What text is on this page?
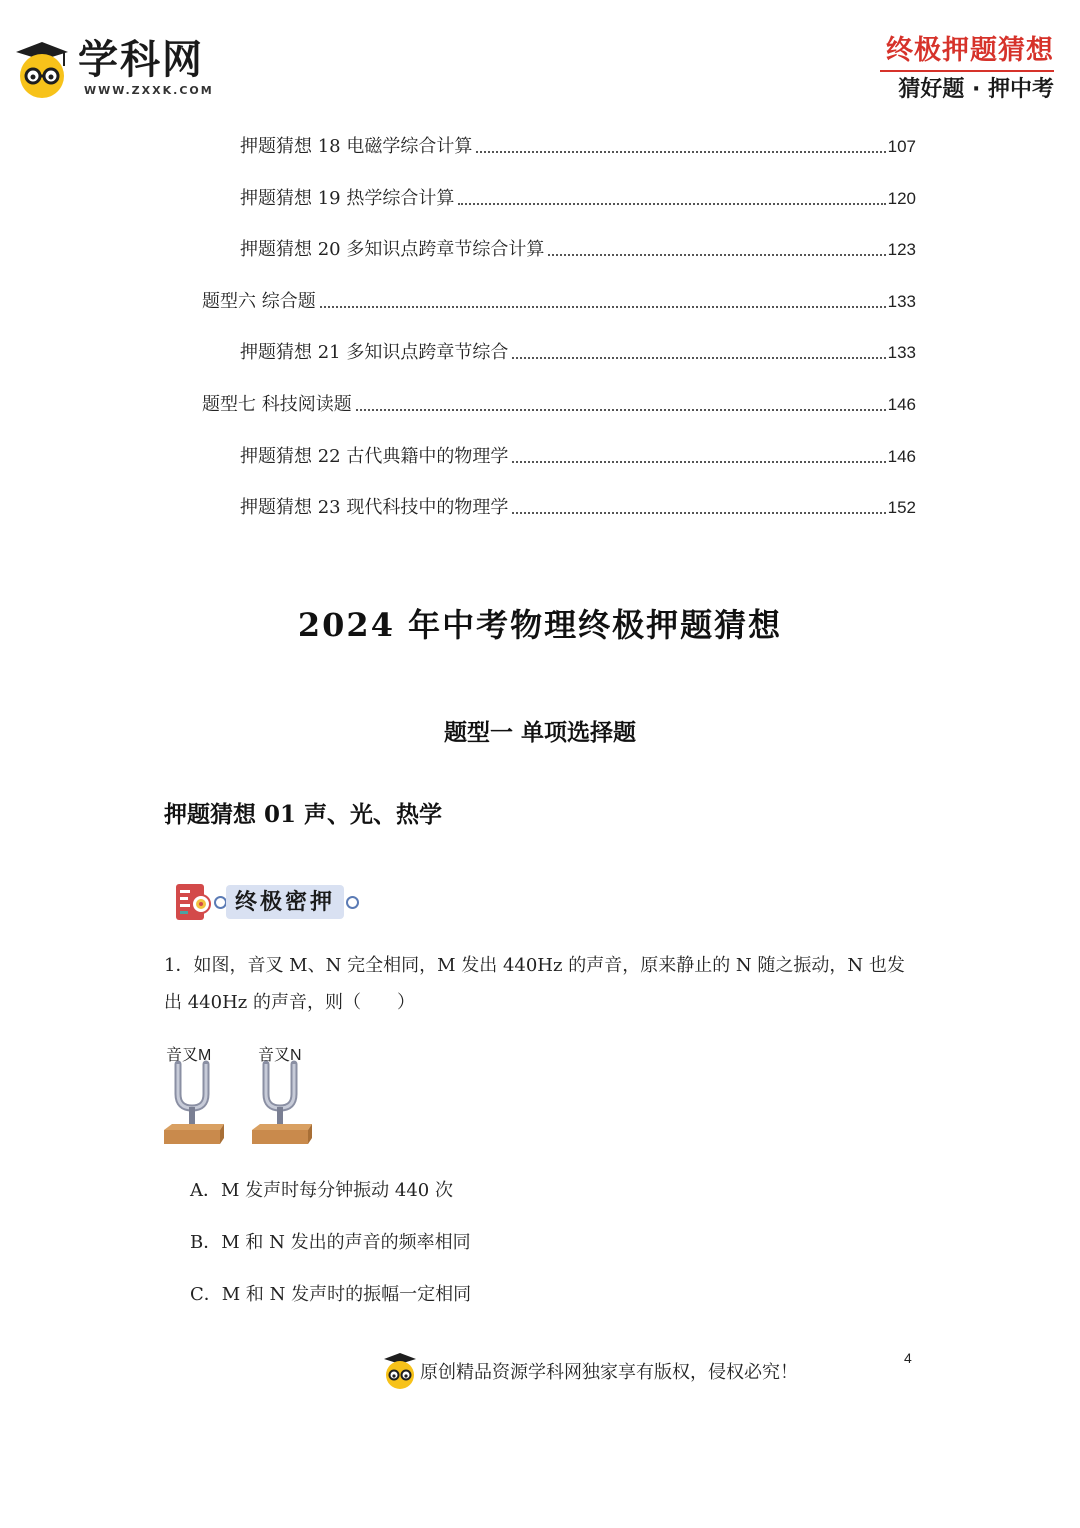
学科网
WWW.ZXXK.COM
终极押题猜想
猜好题 · 押中考
押题猜想 18 电磁学综合计算	107
押题猜想 19 热学综合计算	120
押题猜想 20 多知识点跨章节综合计算	123
题型六 综合题	133
押题猜想 21 多知识点跨章节综合	133
题型七 科技阅读题	146
押题猜想 22 古代典籍中的物理学	146
押题猜想 23 现代科技中的物理学	152
2024 年中考物理终极押题猜想
题型一 单项选择题
押题猜想 01 声、光、热学
终极密押
1．如图，音叉 M、N 完全相同，M 发出 440Hz 的声音，原来静止的 N 随之振动，N 也发
出 440Hz 的声音，则（　　）
音叉M	音叉N
A．M 发声时每分钟振动 440 次
B．M 和 N 发出的声音的频率相同
C．M 和 N 发声时的振幅一定相同
原创精品资源学科网独家享有版权，侵权必究！
4
